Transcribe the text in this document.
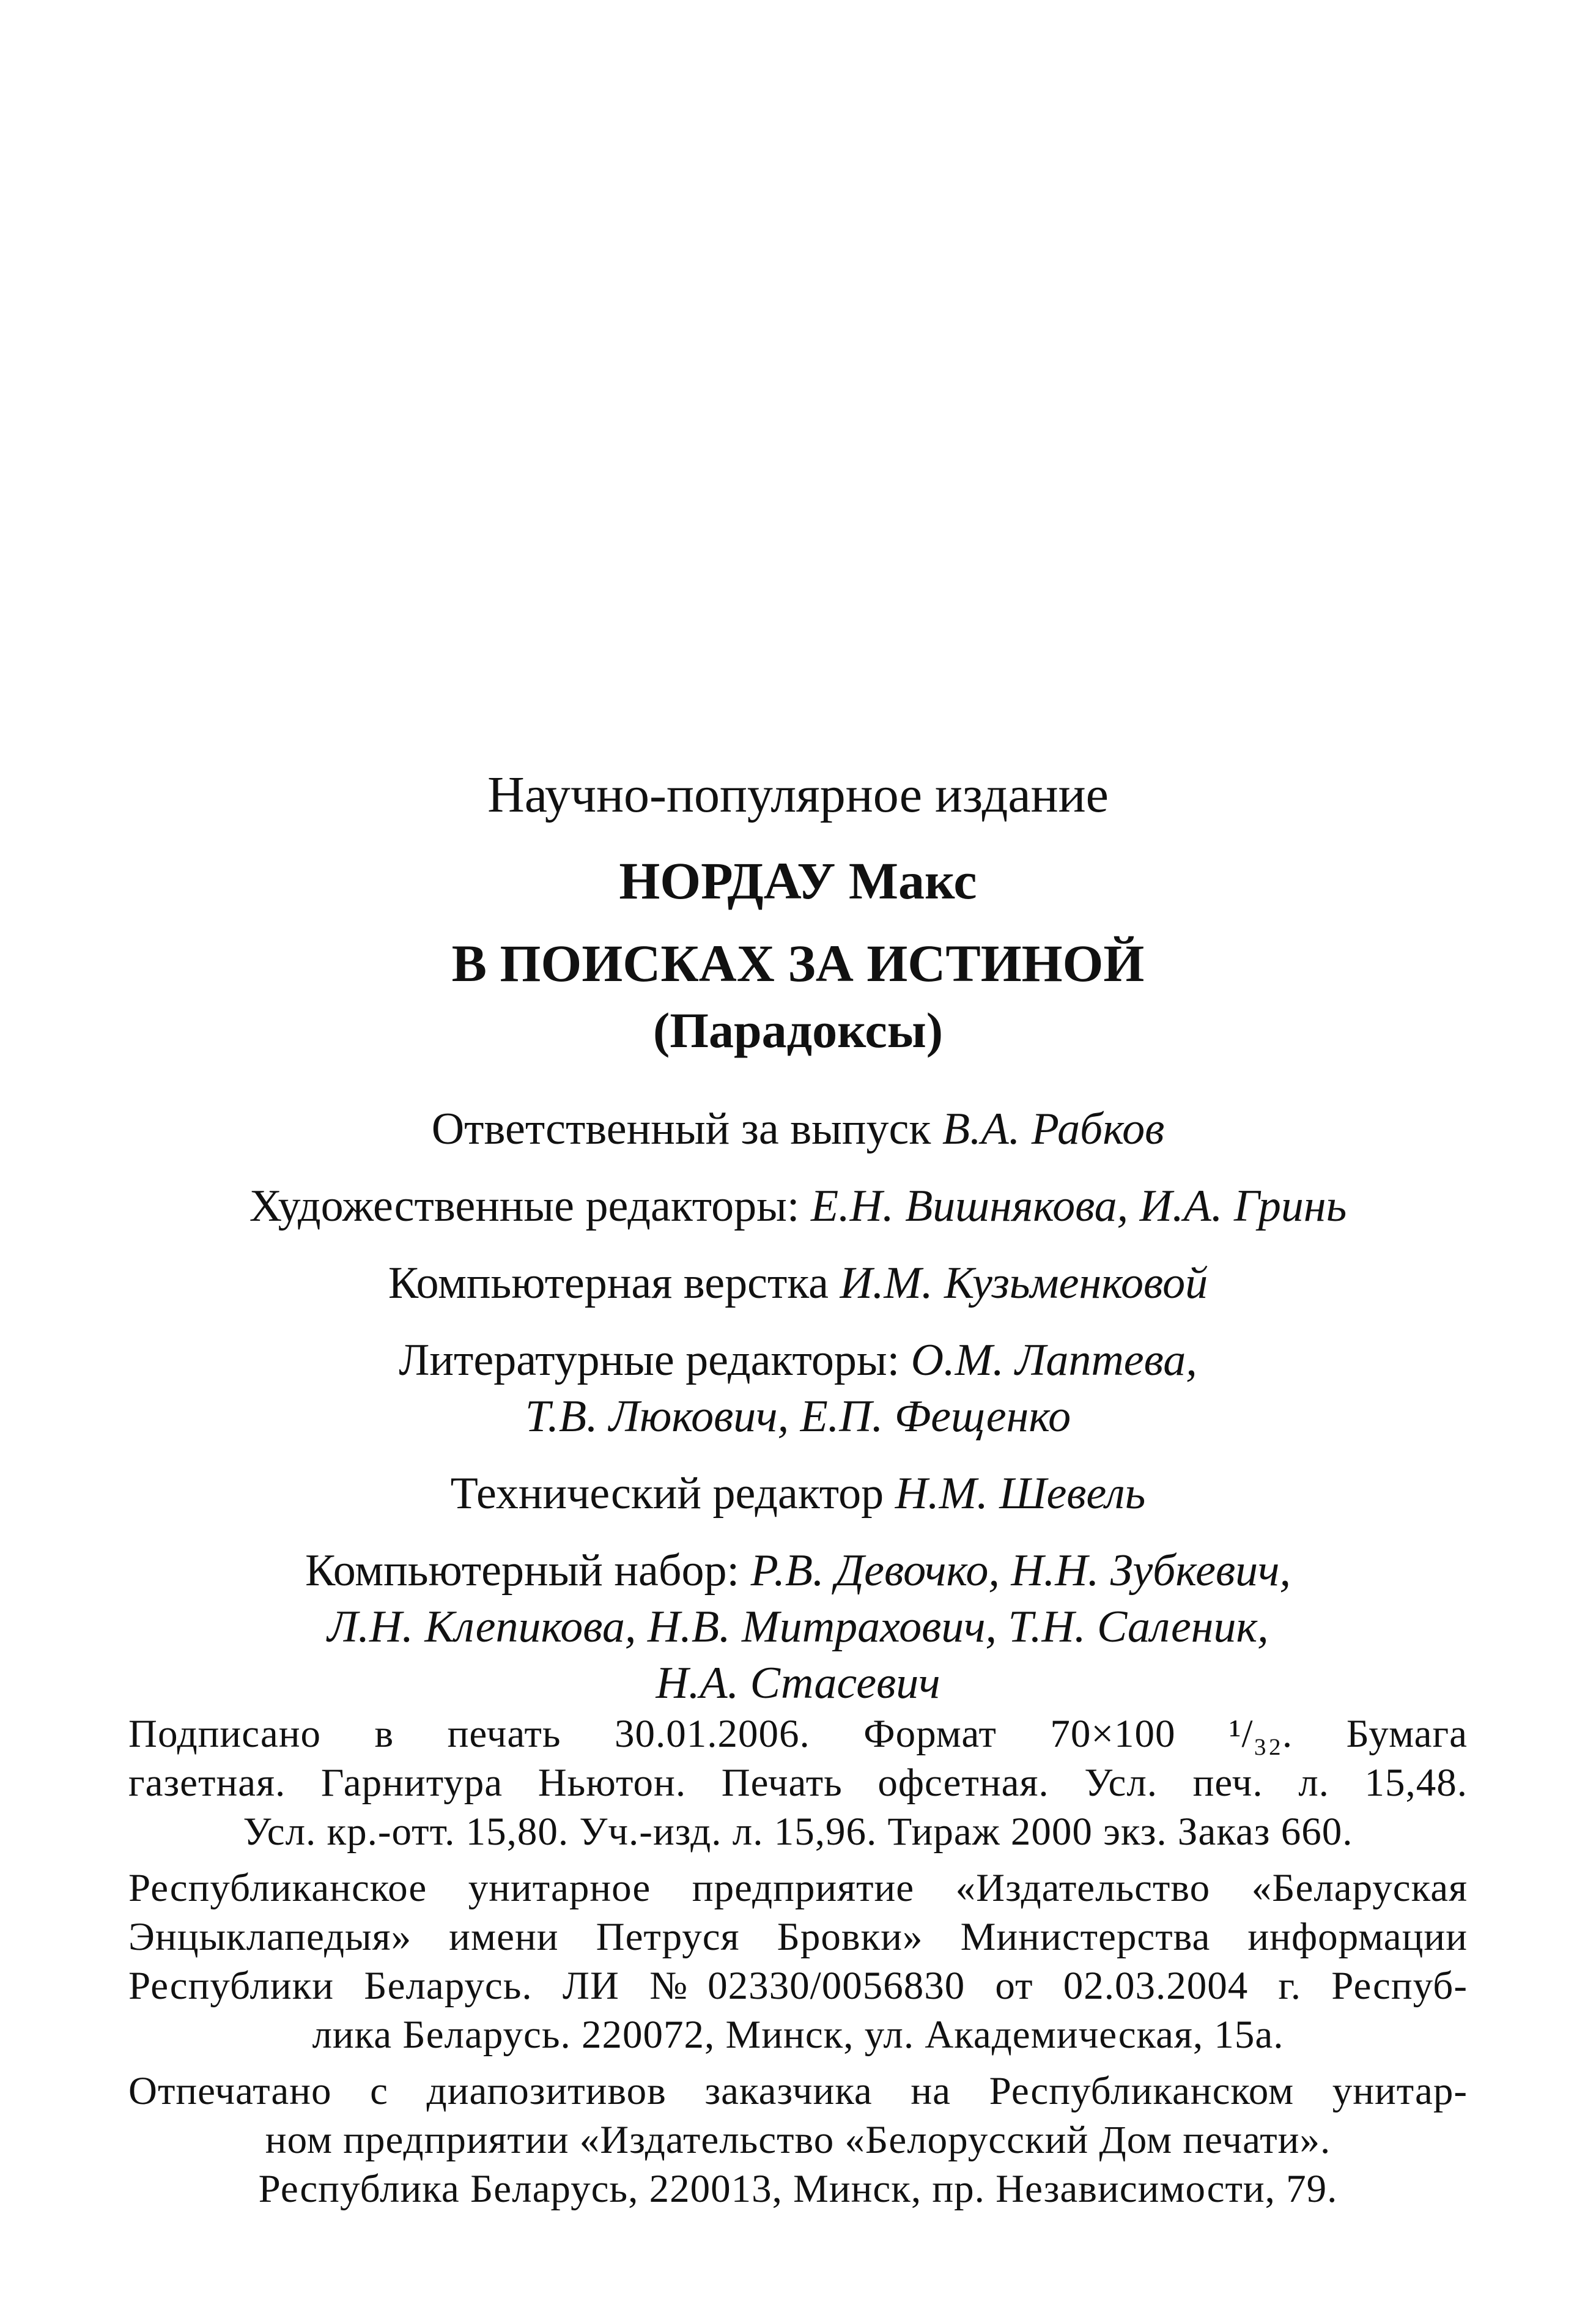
Научно-популярное издание
НОРДАУ Макс
В ПОИСКАХ ЗА ИСТИНОЙ
(Парадоксы)

Ответственный за выпуск В.А. Рабков

Художественные редакторы: Е.Н. Вишнякова, И.А. Гринь

Компьютерная верстка И.М. Кузьменковой

Литературные редакторы: О.М. Лаптева,
Т.В. Люкович, Е.П. Фещенко

Технический редактор Н.М. Шевель

Компьютерный набор: Р.В. Девочко, Н.Н. Зубкевич,
Л.Н. Клепикова, Н.В. Митрахович, Т.Н. Саленик,
Н.А. Стасевич

Подписано в печать 30.01.2006. Формат 70×100 ¹/₃₂. Бумага
газетная. Гарнитура Ньютон. Печать офсетная. Усл. печ. л. 15,48.
Усл. кр.-отт. 15,80. Уч.-изд. л. 15,96. Тираж 2000 экз. Заказ 660.

Республиканское унитарное предприятие «Издательство «Беларуская
Энцыклапедыя» имени Петруся Бровки» Министерства информации
Республики Беларусь. ЛИ №02330/0056830 от 02.03.2004 г. Респуб-
лика Беларусь. 220072, Минск, ул. Академическая, 15а.

Отпечатано с диапозитивов заказчика на Республиканском унитар-
ном предприятии «Издательство «Белорусский Дом печати».
Республика Беларусь, 220013, Минск, пр. Независимости, 79.
